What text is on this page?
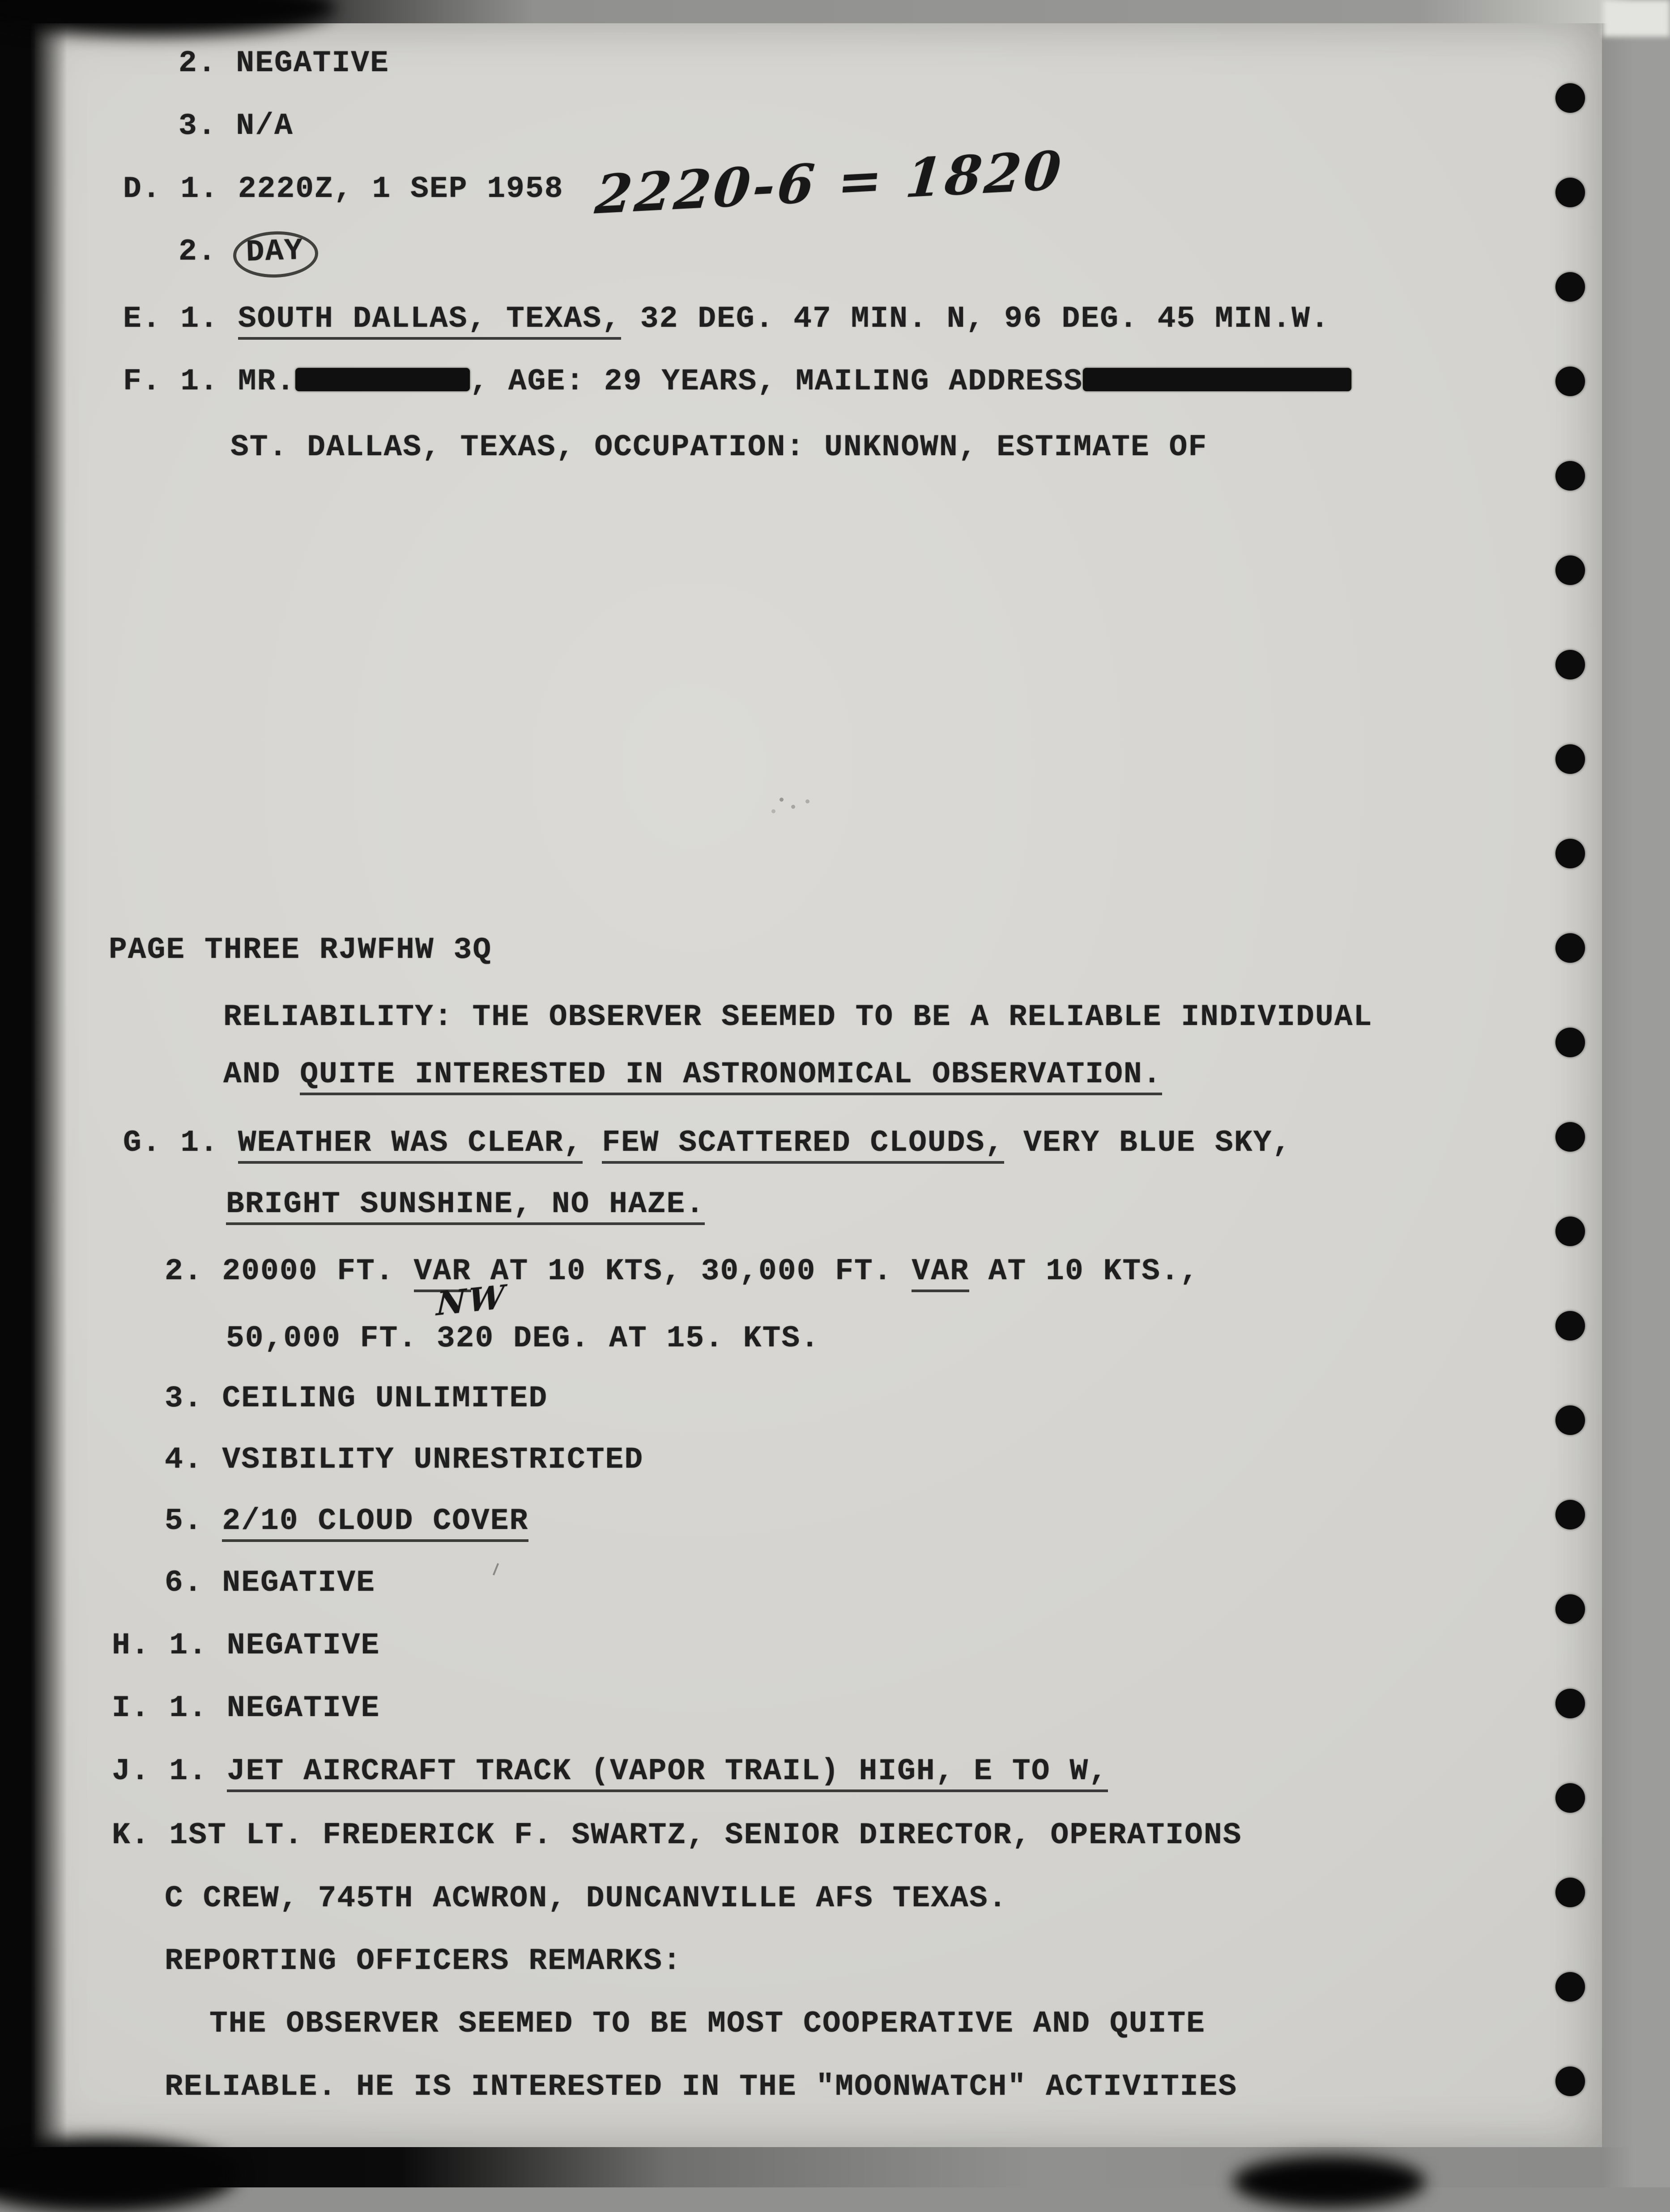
2. NEGATIVE
3. N/A
D. 1. 2220Z, 1 SEP 1958
2. DAY
E. 1. SOUTH DALLAS, TEXAS, 32 DEG. 47 MIN. N, 96 DEG. 45 MIN.W.
F. 1. MR.	, AGE: 29 YEARS, MAILING ADDRESS
ST. DALLAS, TEXAS, OCCUPATION: UNKNOWN, ESTIMATE OF
PAGE THREE RJWFHW 3Q
RELIABILITY: THE OBSERVER SEEMED TO BE A RELIABLE INDIVIDUAL
AND QUITE INTERESTED IN ASTRONOMICAL OBSERVATION.
G. 1. WEATHER WAS CLEAR, FEW SCATTERED CLOUDS, VERY BLUE SKY,
BRIGHT SUNSHINE, NO HAZE.
2. 20000 FT. VAR AT 10 KTS, 30,000 FT. VAR AT 10 KTS.,
50,000 FT. 320 DEG. AT 15. KTS.
3. CEILING UNLIMITED
4. VSIBILITY UNRESTRICTED
5. 2/10 CLOUD COVER
6. NEGATIVE
H. 1. NEGATIVE
I. 1. NEGATIVE
J. 1. JET AIRCRAFT TRACK (VAPOR TRAIL) HIGH, E TO W,
K. 1ST LT. FREDERICK F. SWARTZ, SENIOR DIRECTOR, OPERATIONS
C CREW, 745TH ACWRON, DUNCANVILLE AFS TEXAS.
REPORTING OFFICERS REMARKS:
THE OBSERVER SEEMED TO BE MOST COOPERATIVE AND QUITE
RELIABLE. HE IS INTERESTED IN THE "MOONWATCH" ACTIVITIES
2220-6 = 1820
NW
